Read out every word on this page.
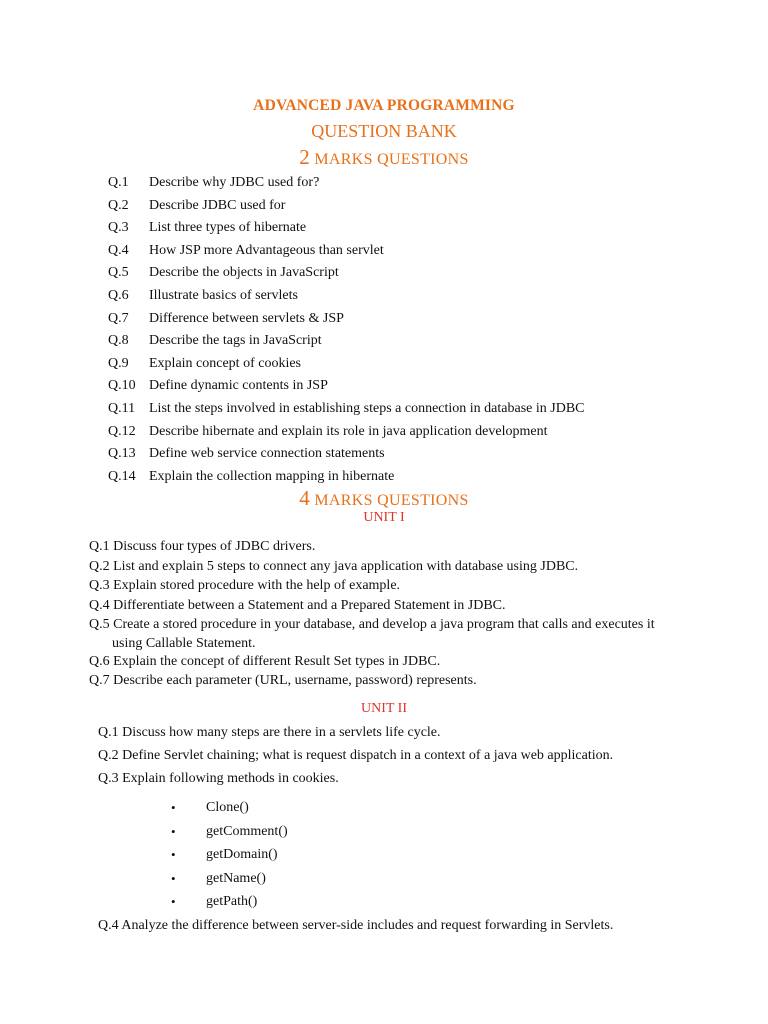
ADVANCED JAVA PROGRAMMING
QUESTION BANK
2 MARKS QUESTIONS
Q.1 Describe why JDBC used for?
Q.2 Describe JDBC used for
Q.3 List three types of hibernate
Q.4 How JSP more Advantageous than servlet
Q.5 Describe the objects in JavaScript
Q.6 Illustrate basics of servlets
Q.7 Difference between servlets & JSP
Q.8 Describe the tags in JavaScript
Q.9 Explain concept of cookies
Q.10 Define dynamic contents in JSP
Q.11 List the steps involved in establishing steps a connection in database in JDBC
Q.12 Describe hibernate and explain its role in java application development
Q.13 Define web service connection statements
Q.14 Explain the collection mapping in hibernate
4 MARKS QUESTIONS
UNIT I
Q.1 Discuss four types of JDBC drivers.
Q.2 List and explain 5 steps to connect any java application with database using JDBC.
Q.3 Explain stored procedure with the help of example.
Q.4 Differentiate between a Statement and a Prepared Statement in JDBC.
Q.5 Create a stored procedure in your database, and develop a java program that calls and executes it
using Callable Statement.
Q.6 Explain the concept of different Result Set types in JDBC.
Q.7 Describe each parameter (URL, username, password) represents.
UNIT II
Q.1 Discuss how many steps are there in a servlets life cycle.
Q.2 Define Servlet chaining; what is request dispatch in a context of a java web application.
Q.3 Explain following methods in cookies.
• Clone()
• getComment()
• getDomain()
• getName()
• getPath()
Q.4 Analyze the difference between server-side includes and request forwarding in Servlets.
